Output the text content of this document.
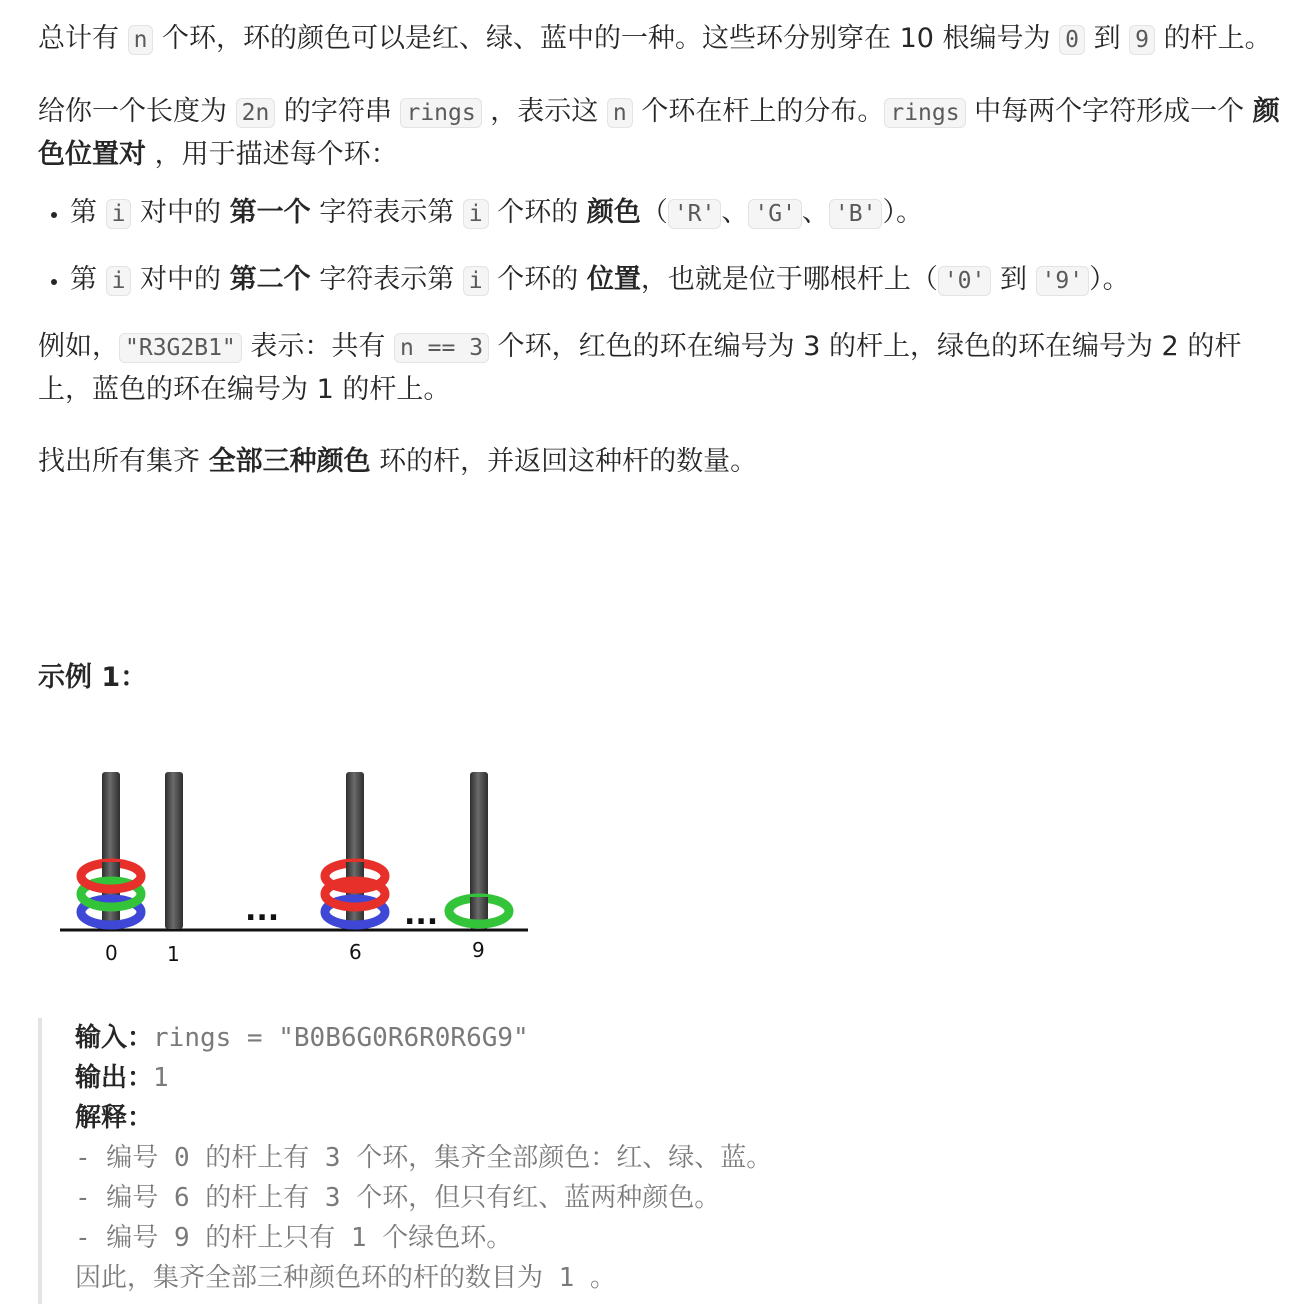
总计有 n 个环，环的颜色可以是红、绿、蓝中的一种。这些环分别穿在 10 根编号为 0 到 9 的杆上。

给你一个长度为 2n 的字符串 rings ，表示这 n 个环在杆上的分布。 rings 中每两个字符形成一个 颜色位置对 ，用于描述每个环：

• 第 i 对中的 第一个 字符表示第 i 个环的 颜色（ 'R' 、 'G' 、 'B' ）。
• 第 i 对中的 第二个 字符表示第 i 个环的 位置，也就是位于哪根杆上（ '0' 到 '9' ）。

例如， "R3G2B1" 表示：共有 n == 3 个环，红色的环在编号为 3 的杆上，绿色的环在编号为 2 的杆上，蓝色的环在编号为 1 的杆上。

找出所有集齐 全部三种颜色 环的杆，并返回这种杆的数量。

示例 1：
...	...
0 1	6	9
输入：rings = "B0B6G0R6R0R6G9"
输出：1
解释：
- 编号 0 的杆上有 3 个环，集齐全部颜色：红、绿、蓝。
- 编号 6 的杆上有 3 个环，但只有红、蓝两种颜色。
- 编号 9 的杆上只有 1 个绿色环。
因此，集齐全部三种颜色环的杆的数目为 1 。
